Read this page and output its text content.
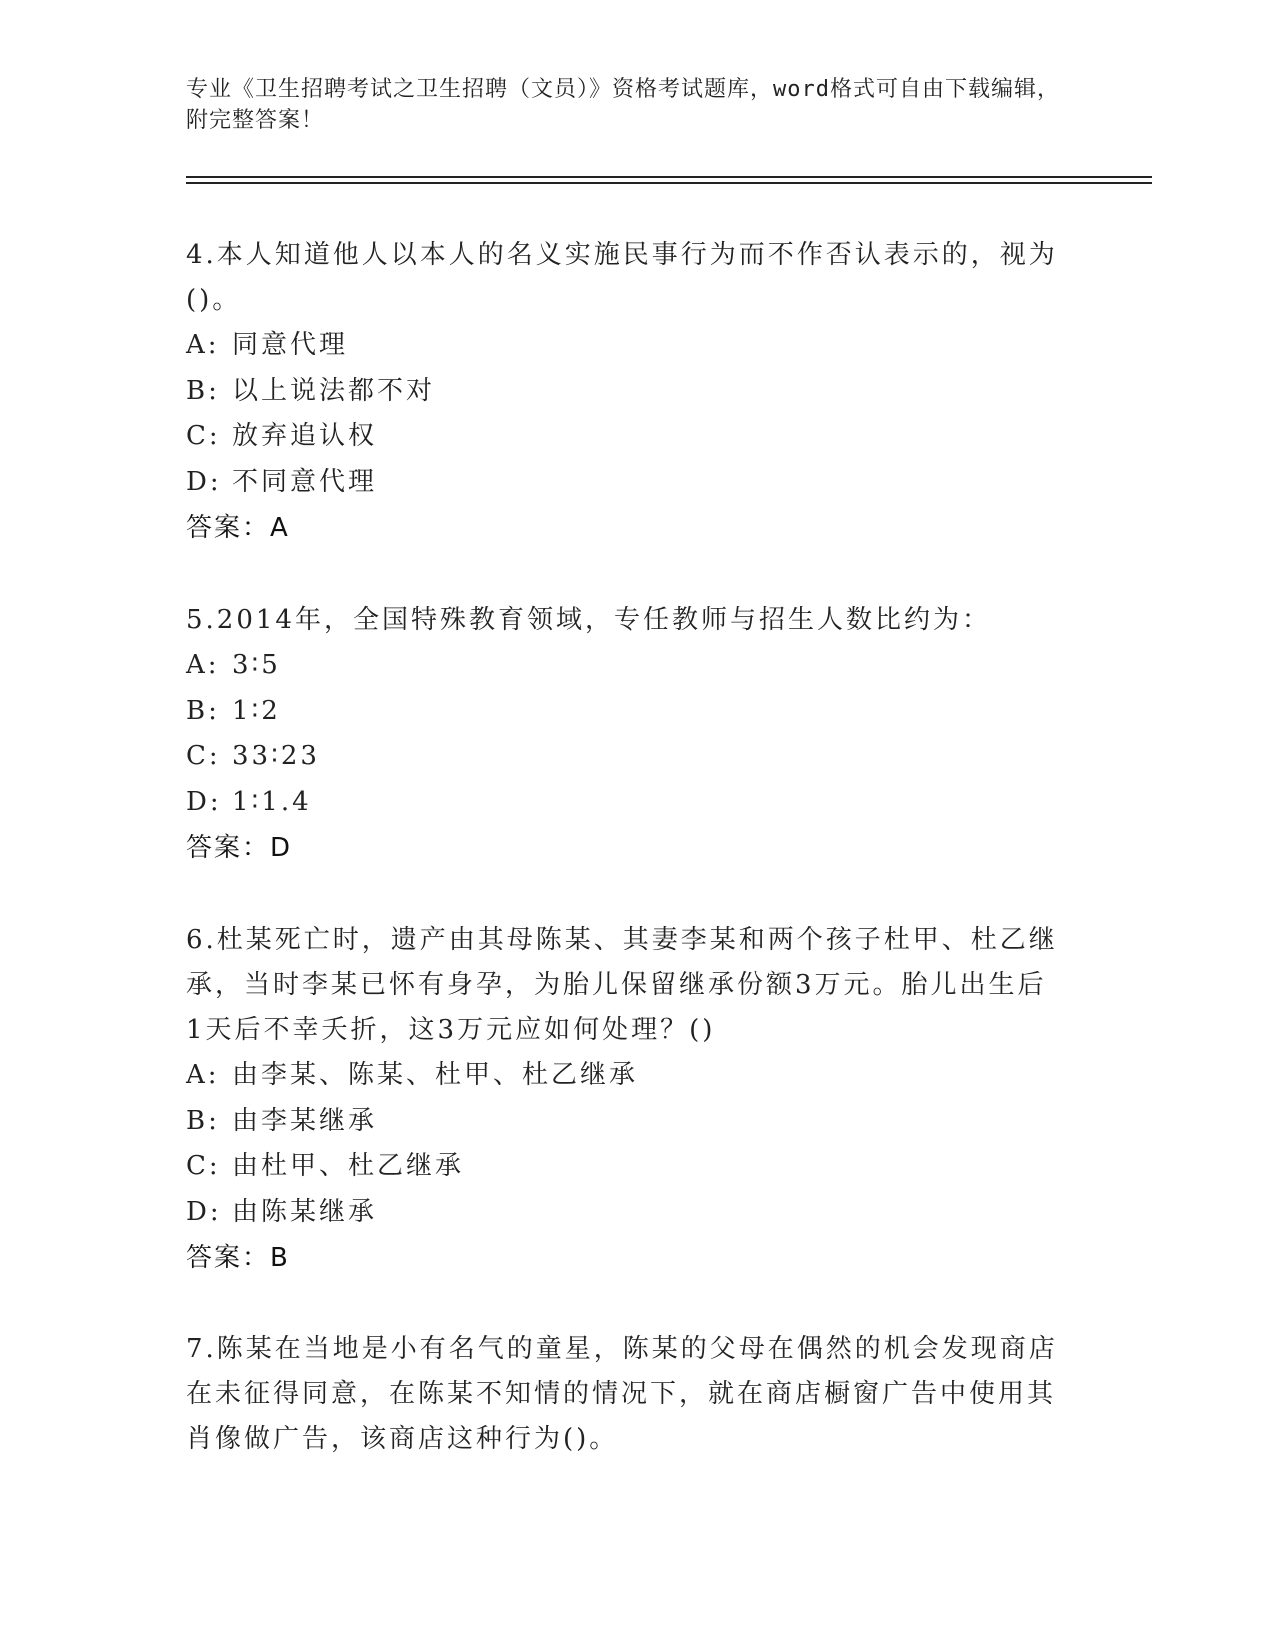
专业《卫生招聘考试之卫生招聘（文员）》资格考试题库，word格式可自由下载编辑，附完整答案！
4.本人知道他人以本人的名义实施民事行为而不作否认表示的，视为()。
A: 同意代理
B: 以上说法都不对
C: 放弃追认权
D: 不同意代理
答案：A
5.2014年，全国特殊教育领域，专任教师与招生人数比约为：
A: 3∶5
B: 1∶2
C: 33∶23
D: 1∶1.4
答案：D
6.杜某死亡时，遗产由其母陈某、其妻李某和两个孩子杜甲、杜乙继承，当时李某已怀有身孕，为胎儿保留继承份额3万元。胎儿出生后1天后不幸夭折，这3万元应如何处理？()
A: 由李某、陈某、杜甲、杜乙继承
B: 由李某继承
C: 由杜甲、杜乙继承
D: 由陈某继承
答案：B
7.陈某在当地是小有名气的童星，陈某的父母在偶然的机会发现商店在未征得同意，在陈某不知情的情况下，就在商店橱窗广告中使用其肖像做广告，该商店这种行为()。
